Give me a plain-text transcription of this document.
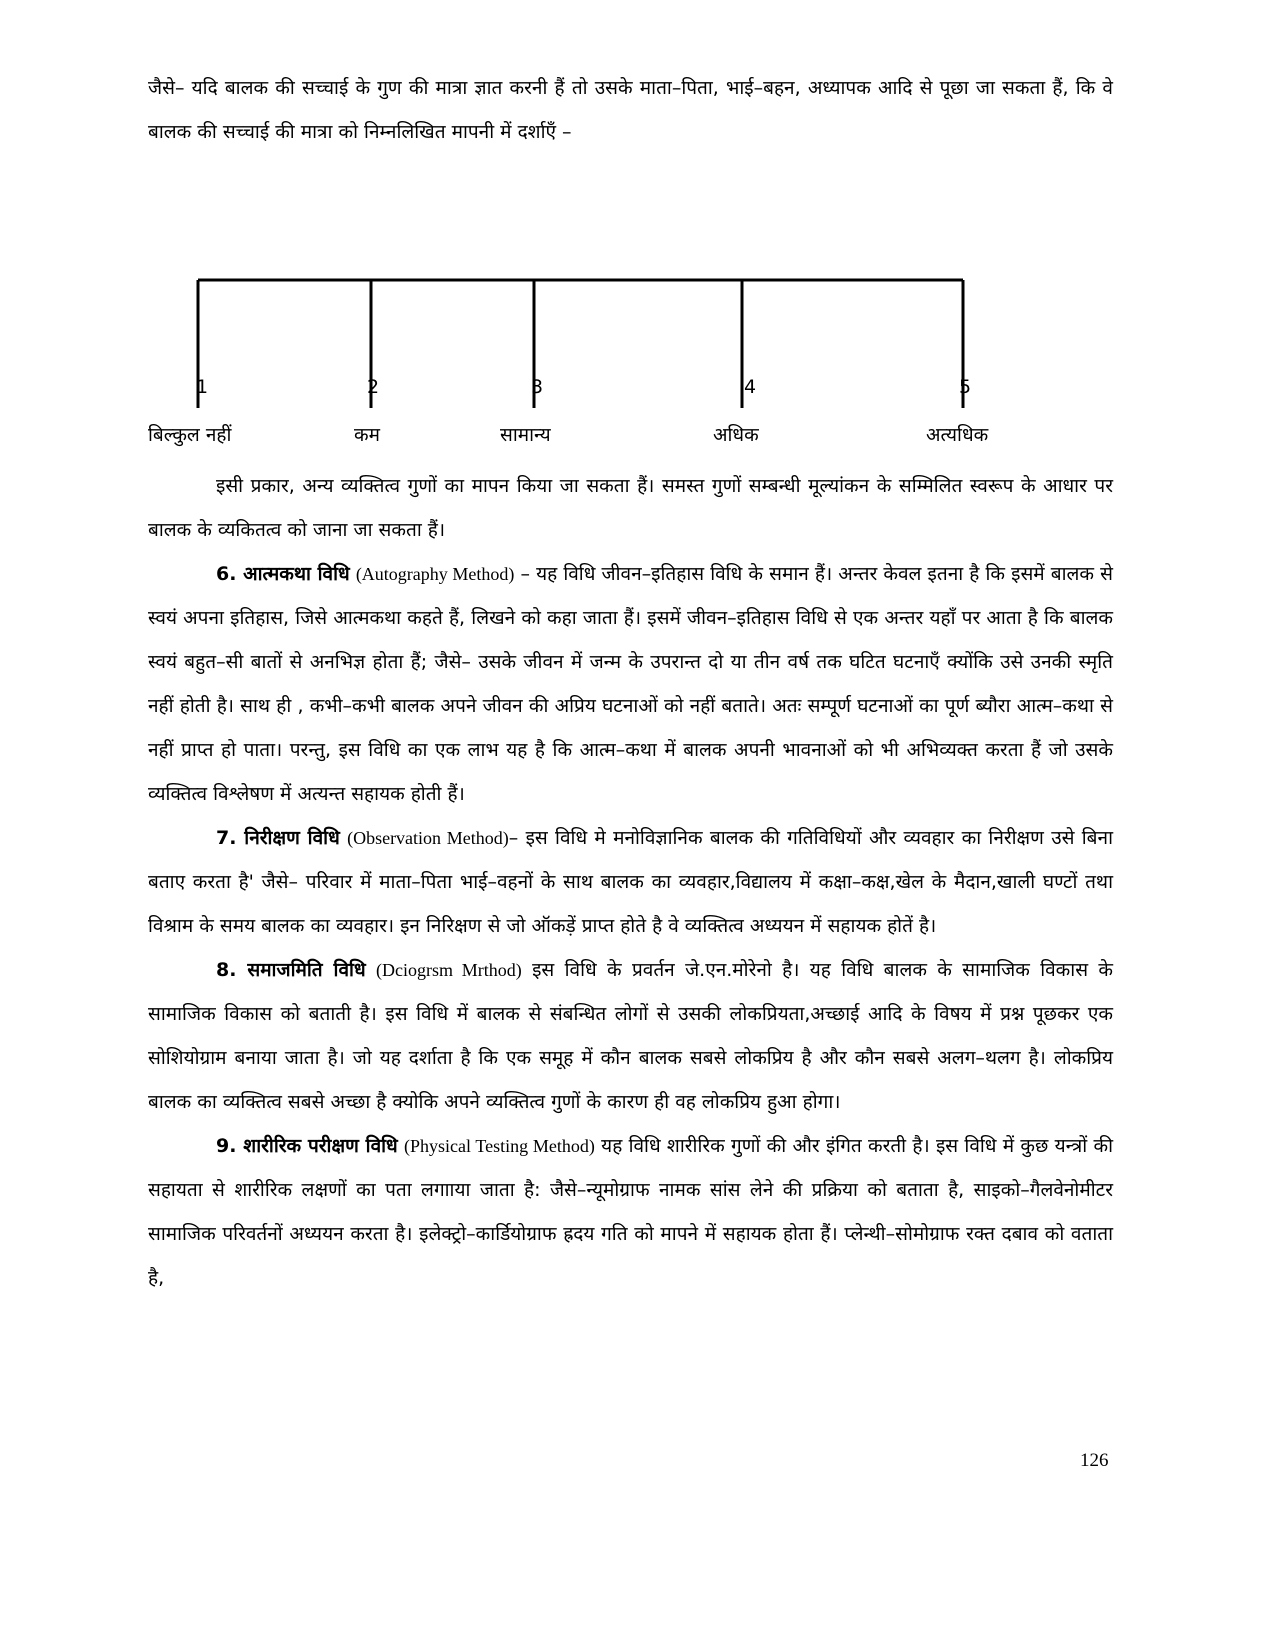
जैसे– यदि बालक की सच्चाई के गुण की मात्रा ज्ञात करनी हैं तो उसके माता–पिता, भाई–बहन, अध्यापक आदि से पूछा जा सकता हैं, कि वे बालक की सच्चाई की मात्रा को निम्नलिखित मापनी में दर्शाएँ –

1	2	3	4	5
बिल्कुल नहीं	कम	सामान्य	अधिक	अत्यधिक

इसी प्रकार, अन्य व्यक्तित्व गुणों का मापन किया जा सकता हैं। समस्त गुणों सम्बन्धी मूल्यांकन के सम्मिलित स्वरूप के आधार पर बालक के व्यकितत्व को जाना जा सकता हैं।

6. आत्मकथा विधि (Autography Method) – यह विधि जीवन–इतिहास विधि के समान हैं। अन्तर केवल इतना है कि इसमें बालक से स्वयं अपना इतिहास, जिसे आत्मकथा कहते हैं, लिखने को कहा जाता हैं। इसमें जीवन–इतिहास विधि से एक अन्तर यहाँ पर आता है कि बालक स्वयं बहुत–सी बातों से अनभिज्ञ होता हैं; जैसे– उसके जीवन में जन्म के उपरान्त दो या तीन वर्ष तक घटित घटनाएँ क्योंकि उसे उनकी स्मृति नहीं होती है। साथ ही , कभी–कभी बालक अपने जीवन की अप्रिय घटनाओं को नहीं बताते। अतः सम्पूर्ण घटनाओं का पूर्ण ब्यौरा आत्म–कथा से नहीं प्राप्त हो पाता। परन्तु, इस विधि का एक लाभ यह है कि आत्म–कथा में बालक अपनी भावनाओं को भी अभिव्यक्त करता हैं जो उसके व्यक्तित्व विश्लेषण में अत्यन्त सहायक होती हैं।

7. निरीक्षण विधि (Observation Method)– इस विधि मे मनोविज्ञानिक बालक की गतिविधियों और व्यवहार का निरीक्षण उसे बिना बताए करता है' जैसे– परिवार में माता–पिता भाई–वहनों के साथ बालक का व्यवहार,विद्यालय में कक्षा–कक्ष,खेल के मैदान,खाली घण्टों तथा विश्राम के समय बालक का व्यवहार। इन निरिक्षण से जो ऑकड़ें प्राप्त होते है वे व्यक्तित्व अध्ययन में सहायक होतें है।

8. समाजमिति विधि (Dciogrsm Mrthod) इस विधि के प्रवर्तन जे.एन.मोरेनो है। यह विधि बालक के सामाजिक विकास के सामाजिक विकास को बताती है। इस विधि में बालक से संबन्धित लोगों से उसकी लोकप्रियता,अच्छाई आदि के विषय में प्रश्न पूछकर एक सोशियोग्राम बनाया जाता है। जो यह दर्शाता है कि एक समूह में कौन बालक सबसे लोकप्रिय है और कौन सबसे अलग–थलग है। लोकप्रिय बालक का व्यक्तित्व सबसे अच्छा है क्योकि अपने व्यक्तित्व गुणों के कारण ही वह लोकप्रिय हुआ होगा।

9. शारीरिक परीक्षण विधि (Physical Testing Method) यह विधि शारीरिक गुणों की और इंगित करती है। इस विधि में कुछ यन्त्रों की सहायता से शारीरिक लक्षणों का पता लगााया जाता है: जैसे–न्यूमोग्राफ नामक सांस लेने की प्रक्रिया को बताता है, साइको–गैलवेनोमीटर सामाजिक परिवर्तनों अध्ययन करता है। इलेक्ट्रो–कार्डियोग्राफ ह्रदय गति को मापने में सहायक होता हैं। प्लेन्थी–सोमोग्राफ रक्त दबाव को वताता है,

126
